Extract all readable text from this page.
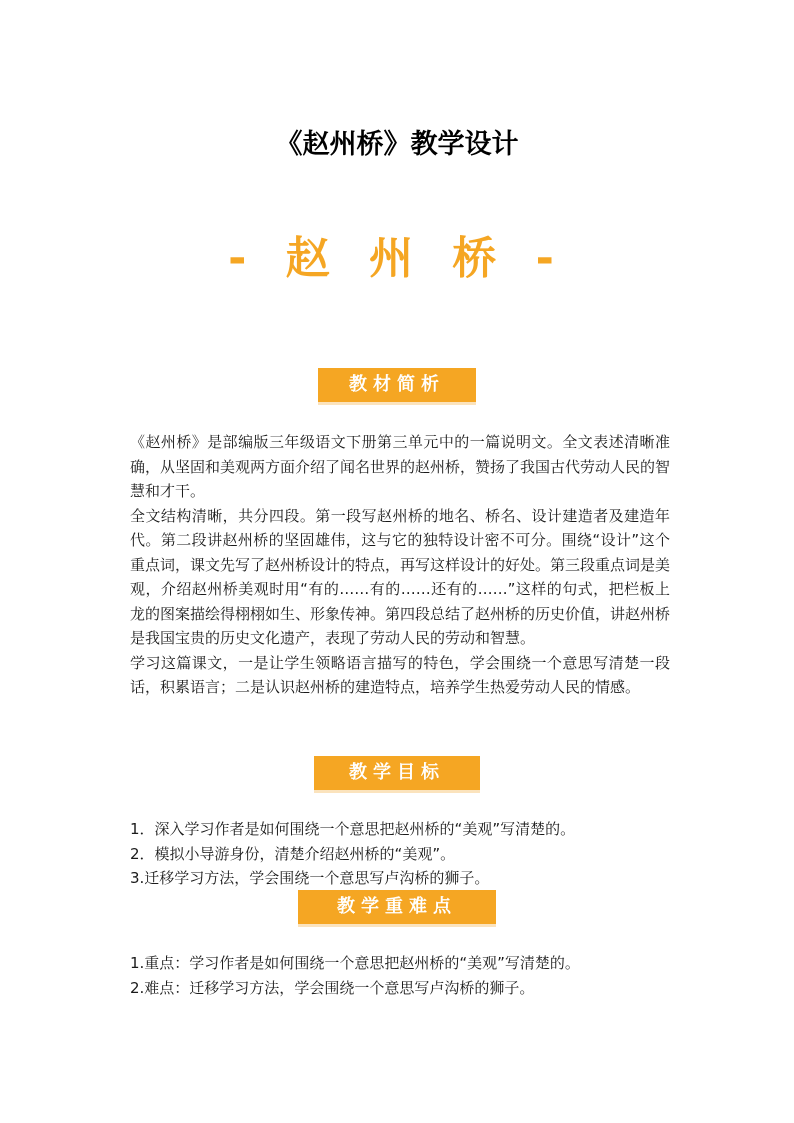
《赵州桥》教学设计
- 赵 州 桥 -
教材简析

《赵州桥》是部编版三年级语文下册第三单元中的一篇说明文。全文表述清晰准确，从坚固和美观两方面介绍了闻名世界的赵州桥，赞扬了我国古代劳动人民的智慧和才干。

全文结构清晰，共分四段。第一段写赵州桥的地名、桥名、设计建造者及建造年代。第二段讲赵州桥的坚固雄伟，这与它的独特设计密不可分。围绕“设计”这个重点词，课文先写了赵州桥设计的特点，再写这样设计的好处。第三段重点词是美观，介绍赵州桥美观时用“有的……有的……还有的……”这样的句式，把栏板上龙的图案描绘得栩栩如生、形象传神。第四段总结了赵州桥的历史价值，讲赵州桥是我国宝贵的历史文化遗产，表现了劳动人民的劳动和智慧。

学习这篇课文，一是让学生领略语言描写的特色，学会围绕一个意思写清楚一段话，积累语言；二是认识赵州桥的建造特点，培养学生热爱劳动人民的情感。

教学目标
1．深入学习作者是如何围绕一个意思把赵州桥的“美观”写清楚的。
2．模拟小导游身份，清楚介绍赵州桥的“美观”。
3.迁移学习方法，学会围绕一个意思写卢沟桥的狮子。
教学重难点
1.重点：学习作者是如何围绕一个意思把赵州桥的“美观”写清楚的。
2.难点：迁移学习方法，学会围绕一个意思写卢沟桥的狮子。
